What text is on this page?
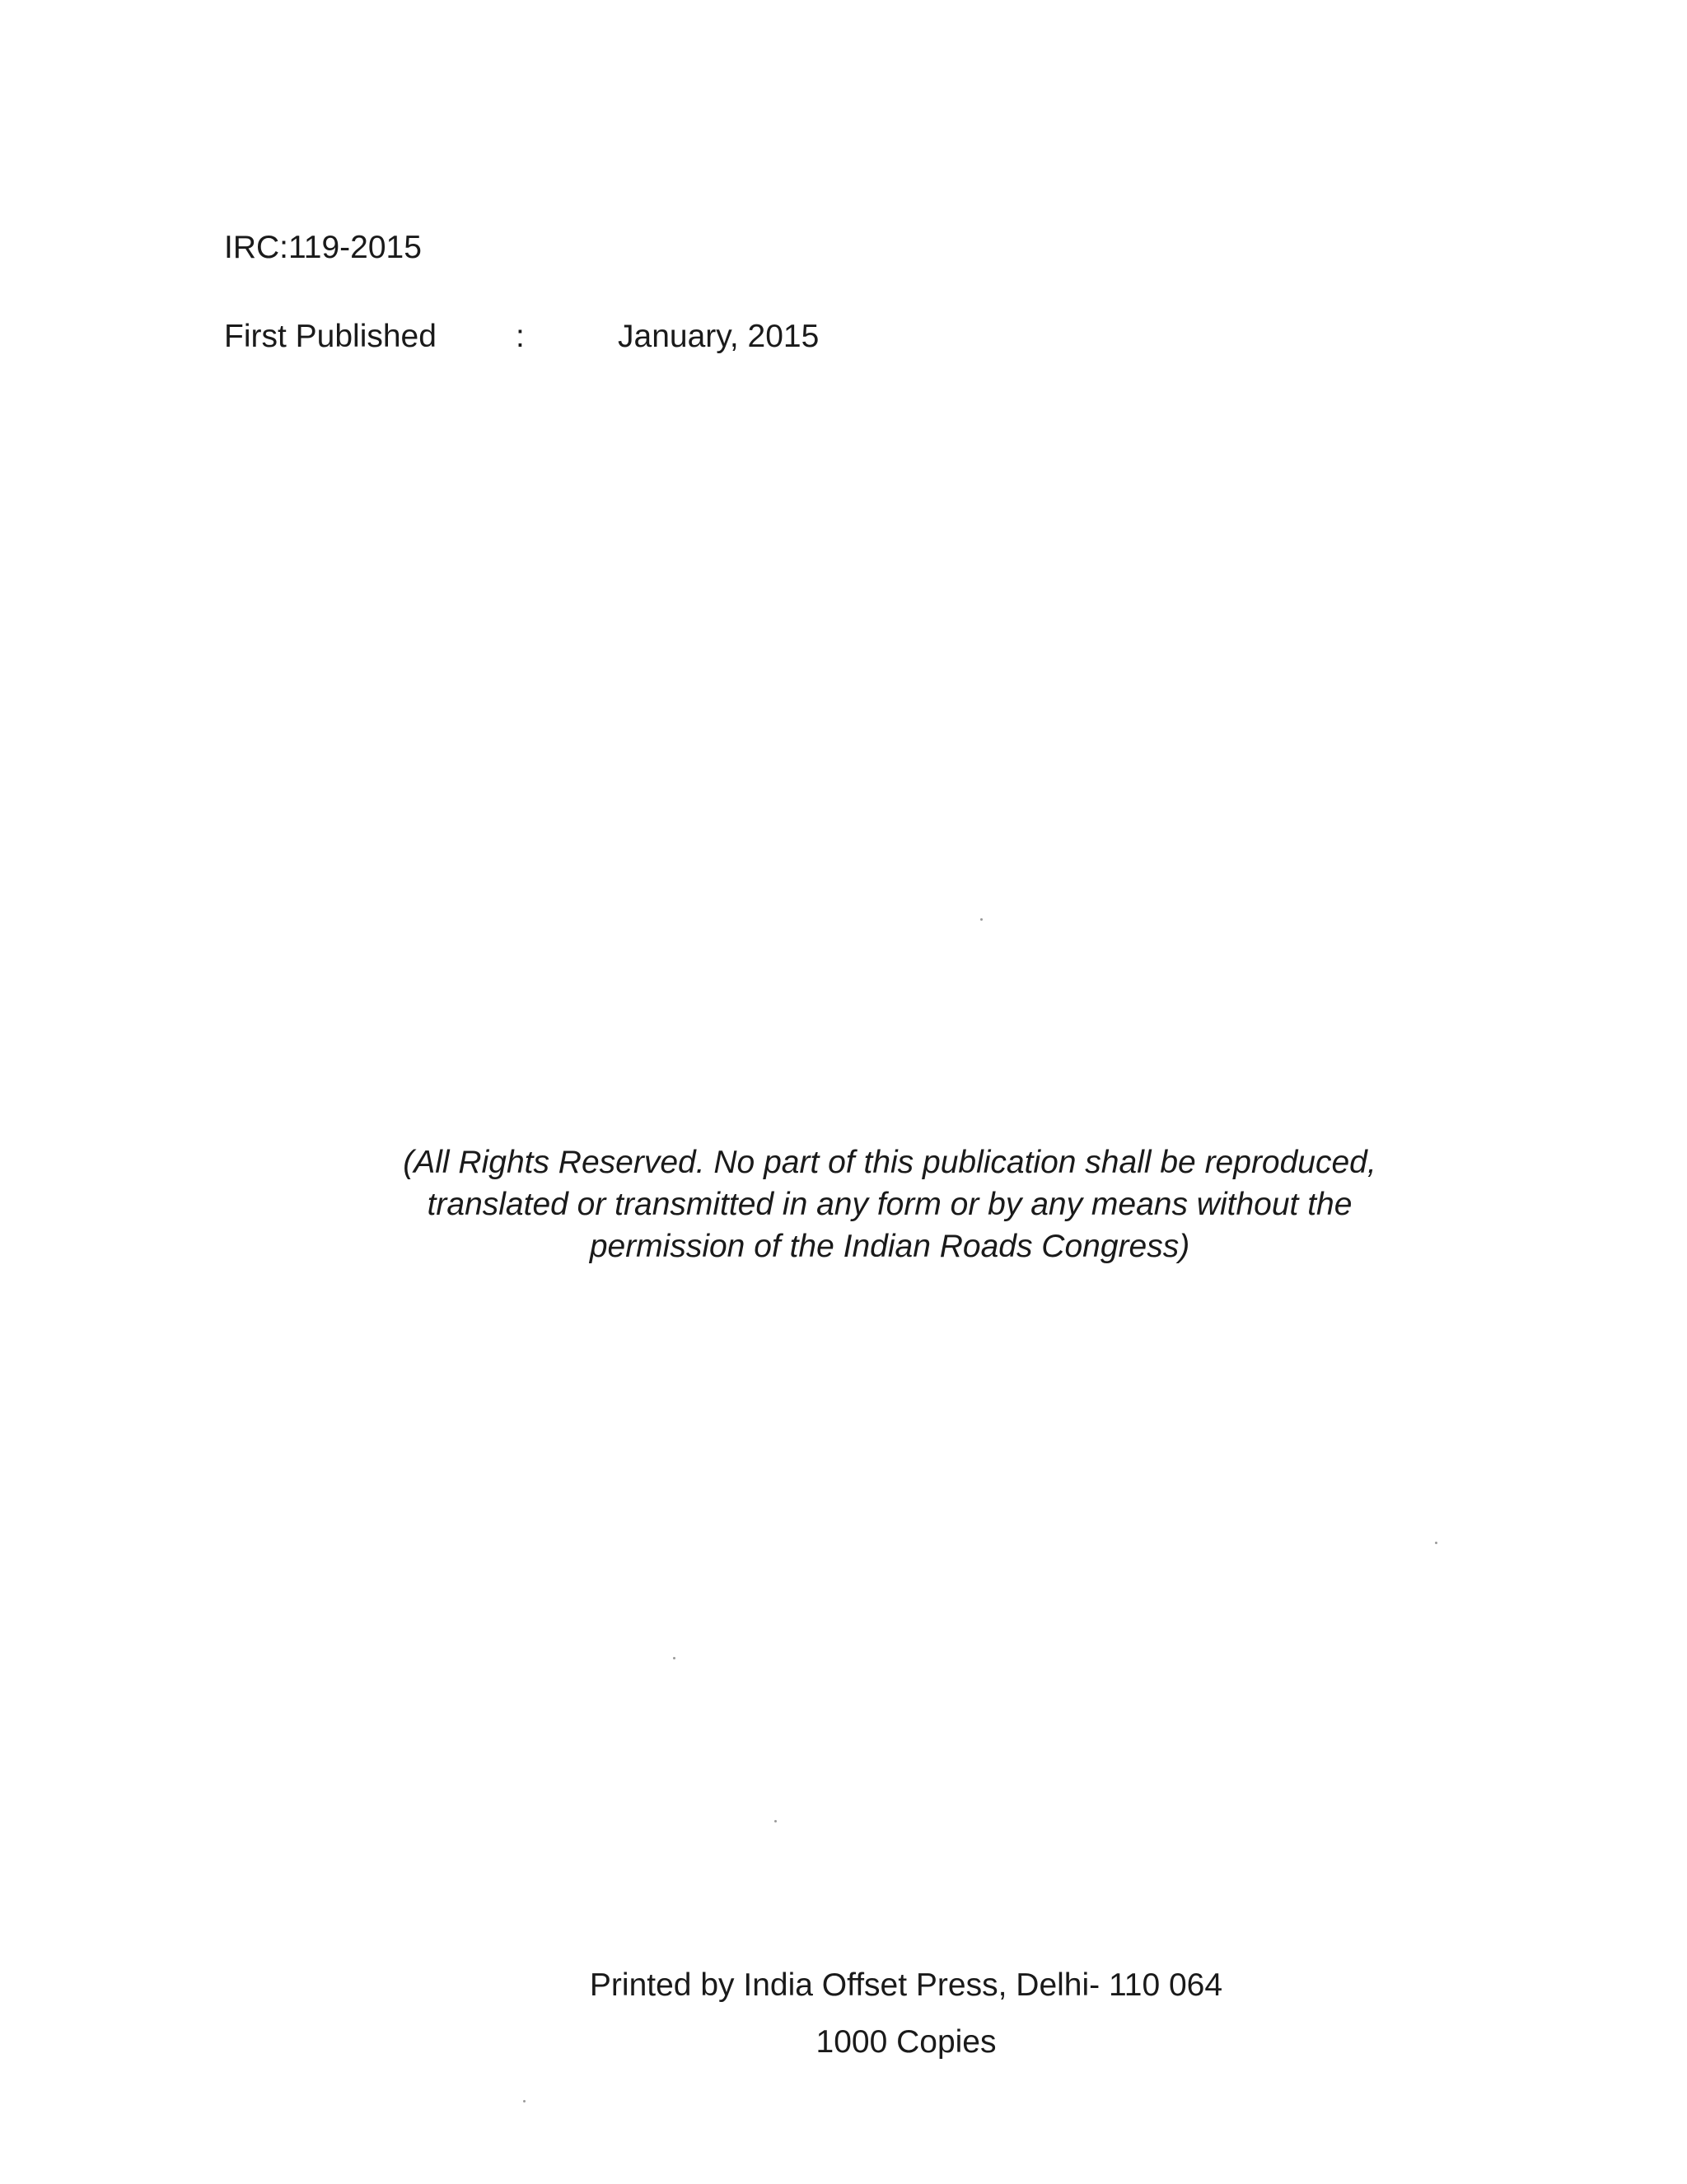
IRC:119-2015
First Published :	January, 2015
(All Rights Reserved. No part of this publication shall be reproduced,
translated or transmitted in any form or by any means without the
permission of the Indian Roads Congress)
Printed by India Offset Press, Delhi- 110 064
1000 Copies
